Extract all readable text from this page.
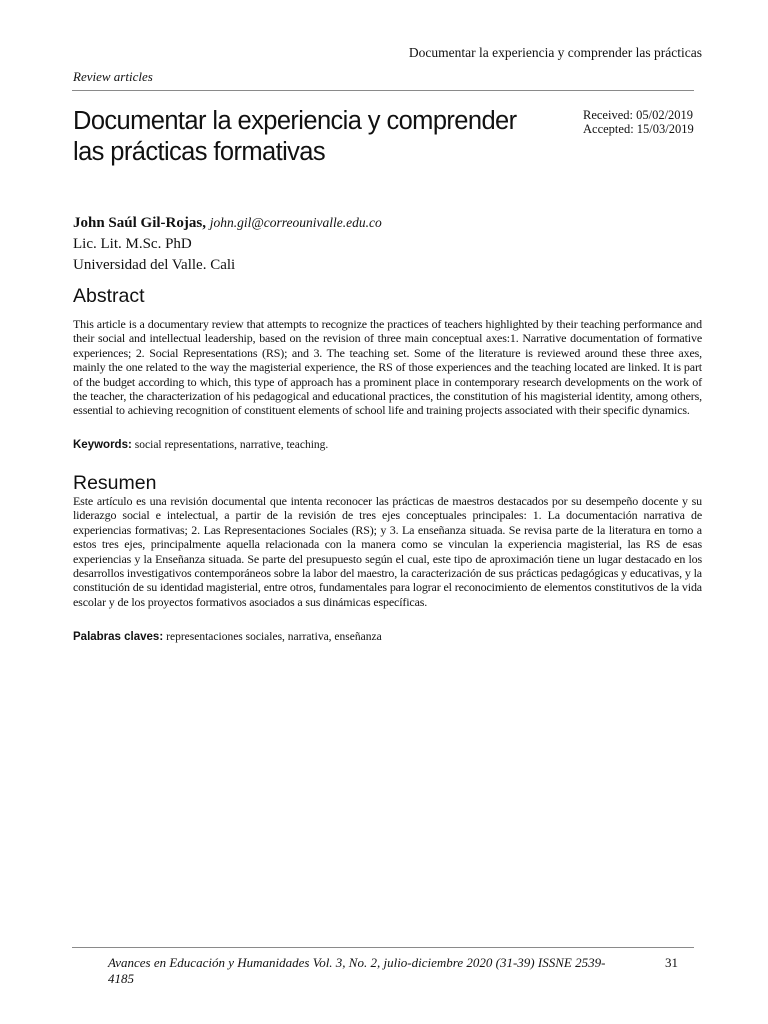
Documentar la experiencia y comprender las prácticas
Review articles
Documentar la experiencia y comprender las prácticas formativas
Received: 05/02/2019
Accepted: 15/03/2019
John Saúl Gil-Rojas, john.gil@correounivalle.edu.co
Lic. Lit. M.Sc. PhD
Universidad del Valle. Cali
Abstract

This article is a documentary review that attempts to recognize the practices of teachers highlighted by their teaching performance and their social and intellectual leadership, based on the revision of three main conceptual axes:1. Narrative documentation of formative experiences; 2. Social Representations (RS); and 3. The teaching set. Some of the literature is reviewed around these three axes, mainly the one related to the way the magisterial experience, the RS of those experiences and the teaching located are linked. It is part of the budget according to which, this type of approach has a prominent place in contemporary research developments on the work of the teacher, the characterization of his pedagogical and educational practices, the constitution of his magisterial identity, among others, essential to achieving recognition of constituent elements of school life and training projects associated with their specific dynamics.

Keywords: social representations, narrative, teaching.
Resumen

Este artículo es una revisión documental que intenta reconocer las prácticas de maestros destacados por su desempeño docente y su liderazgo social e intelectual, a partir de la revisión de tres ejes conceptuales principales: 1. La documentación narrativa de experiencias formativas; 2. Las Representaciones Sociales (RS); y 3. La enseñanza situada. Se revisa parte de la literatura en torno a estos tres ejes, principalmente aquella relacionada con la manera como se vinculan la experiencia magisterial, las RS de esas experiencias y la Enseñanza situada. Se parte del presupuesto según el cual, este tipo de aproximación tiene un lugar destacado en los desarrollos investigativos contemporáneos sobre la labor del maestro, la caracterización de sus prácticas pedagógicas y educativas, y la constitución de su identidad magisterial, entre otros, fundamentales para lograr el reconocimiento de elementos constitutivos de la vida escolar y de los proyectos formativos asociados a sus dinámicas específicas.

Palabras claves: representaciones sociales, narrativa, enseñanza
Avances en Educación y Humanidades Vol. 3, No. 2, julio-diciembre 2020 (31-39) ISSNE 2539-4185
31
